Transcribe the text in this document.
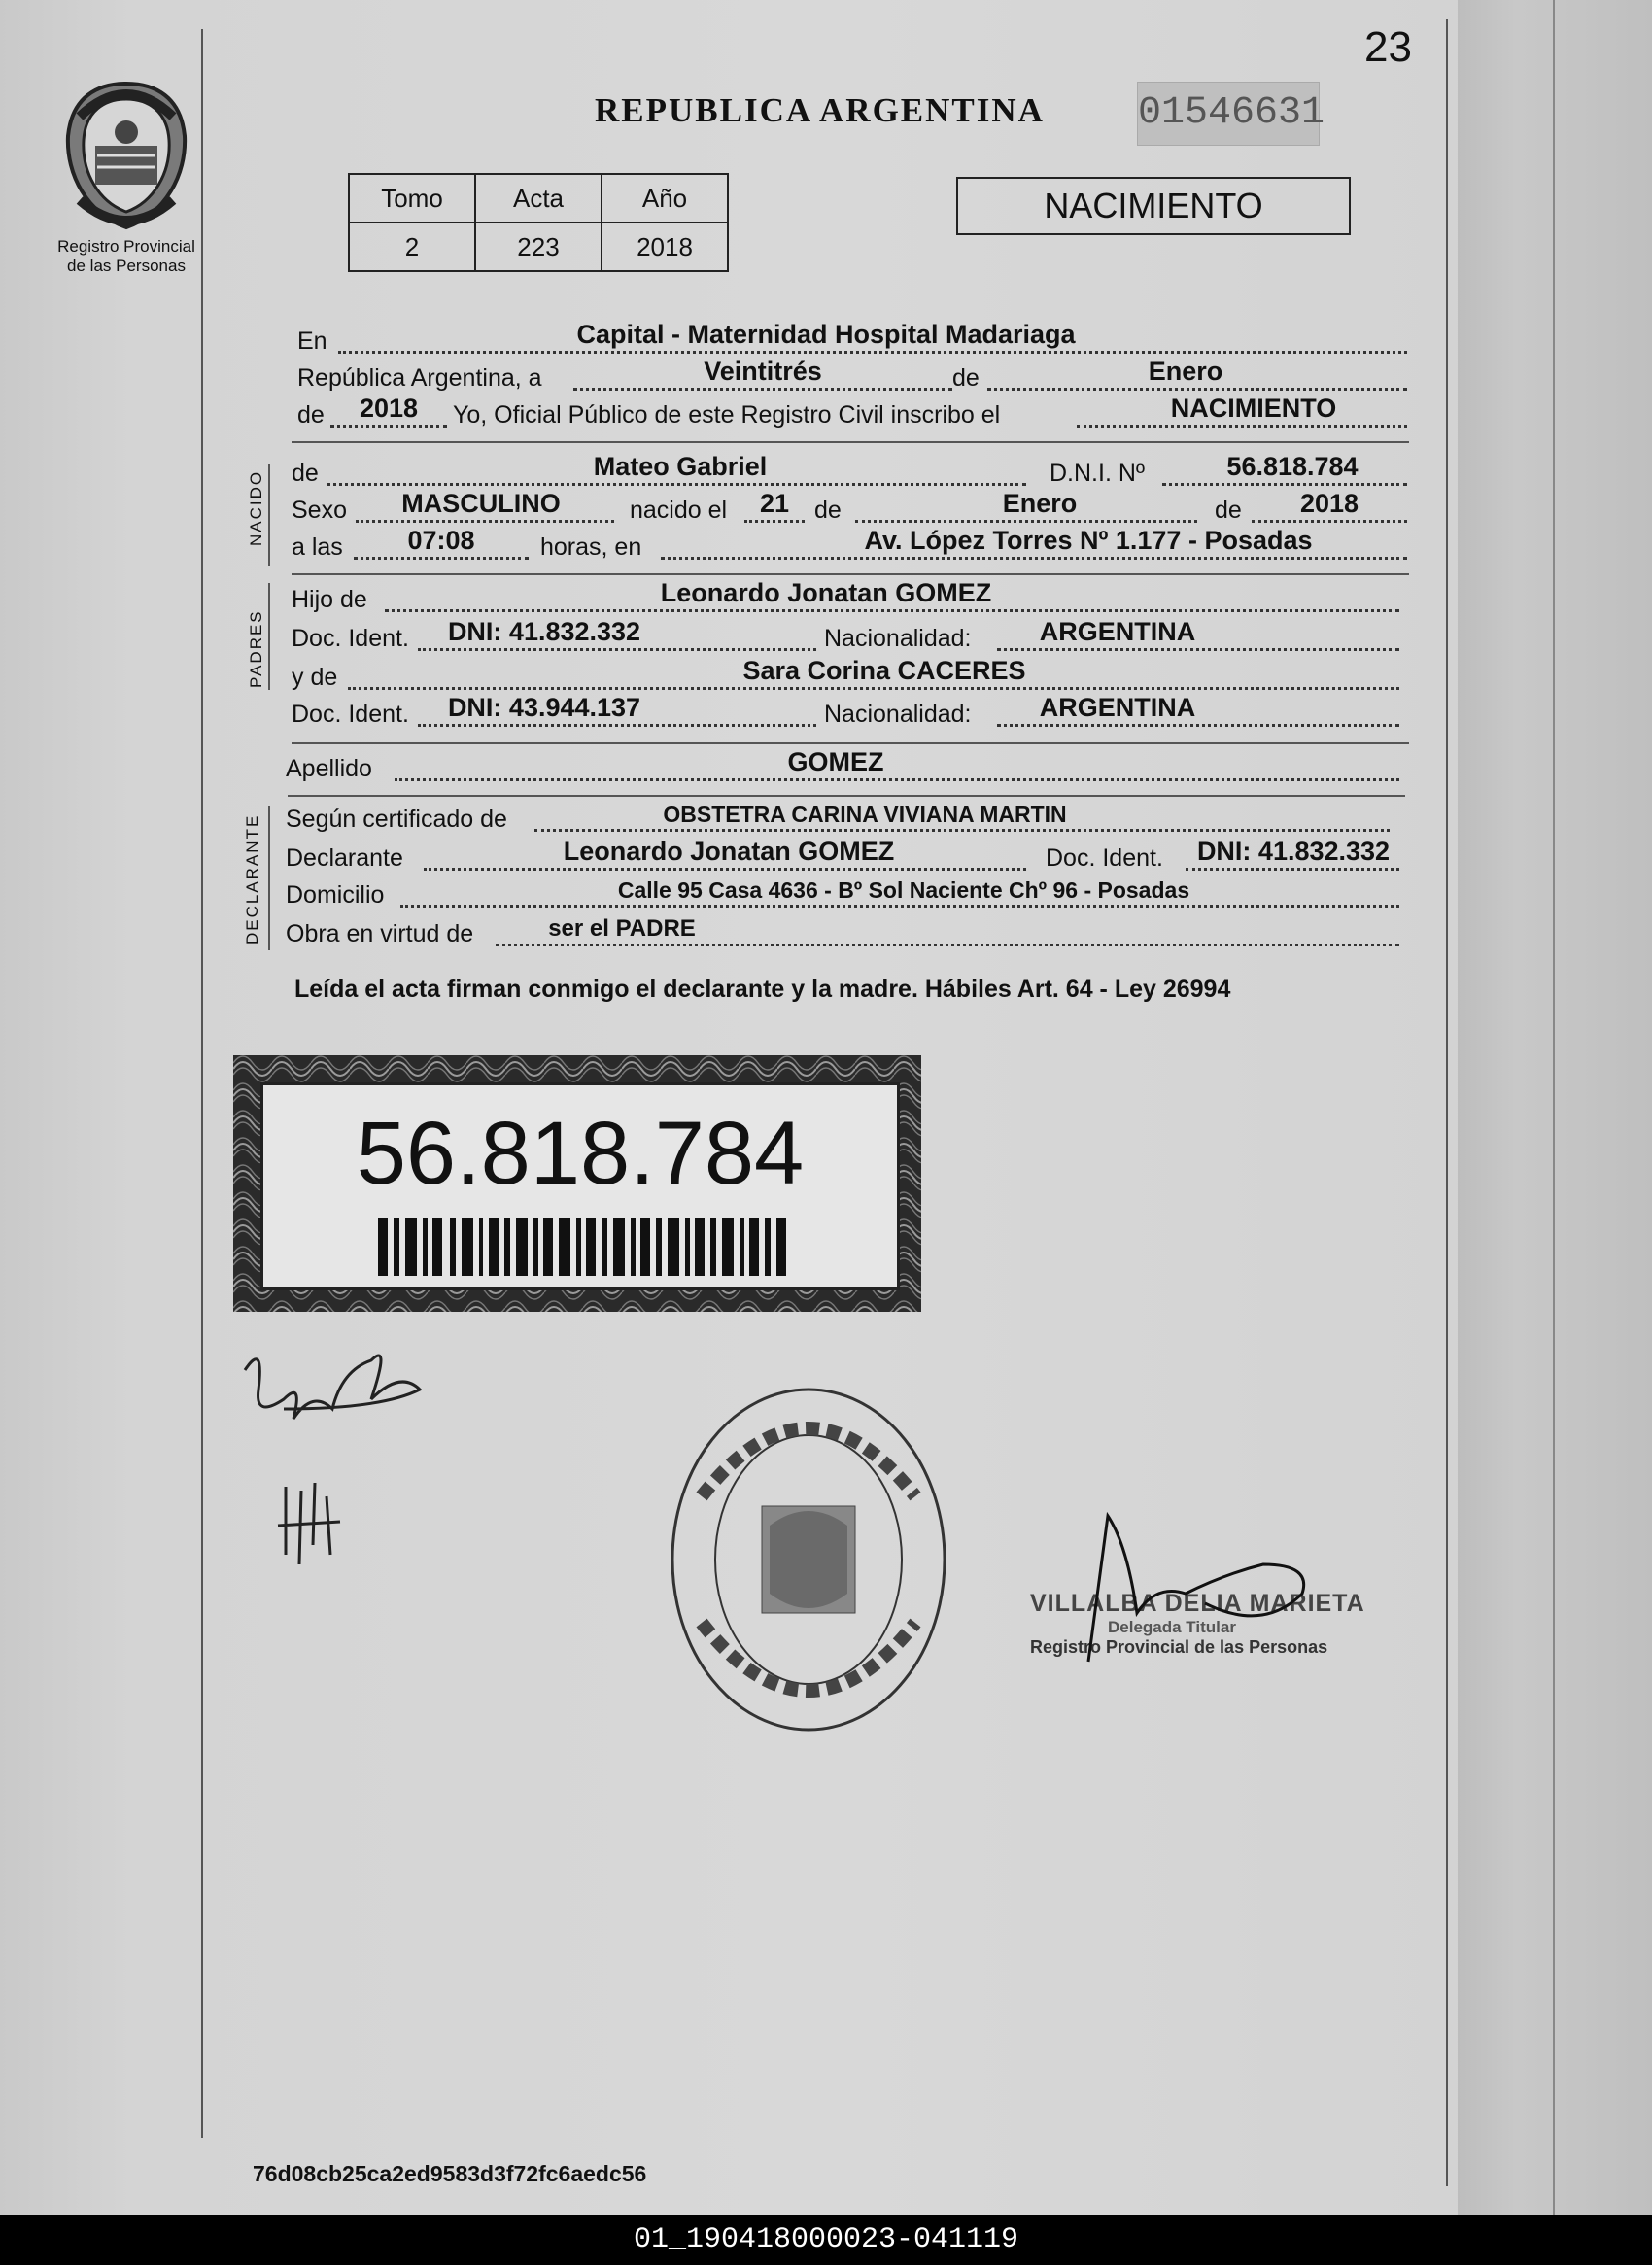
23
Registro Provincial
de las Personas
REPUBLICA ARGENTINA 01546631
Tomo	Acta	Año
2	223	2018
NACIMIENTO
En	Capital - Maternidad Hospital Madariaga
República Argentina, a	Veintitrés	de	Enero
de	2018	Yo, Oficial Público de este Registro Civil inscribo el	NACIMIENTO
NACIDO de	Mateo Gabriel	D.N.I. Nº	56.818.784
Sexo	MASCULINO	nacido el	21	de	Enero	de	2018
a las	07:08	horas, en	Av. López Torres Nº 1.177 - Posadas
PADRES
Hijo de	Leonardo Jonatan GOMEZ
Doc. Ident.	DNI: 41.832.332	Nacionalidad:	ARGENTINA
y de	Sara Corina CACERES
Doc. Ident.	DNI: 43.944.137	Nacionalidad:	ARGENTINA
Apellido	GOMEZ
DECLARANTE Según certificado de	OBSTETRA CARINA VIVIANA MARTIN
Declarante	Leonardo Jonatan GOMEZ	Doc. Ident.	DNI: 41.832.332
Domicilio	Calle 95 Casa 4636 - Bº Sol Naciente Chº 96 - Posadas
Obra en virtud de	ser el PADRE
Leída el acta firman conmigo el declarante y la madre. Hábiles Art. 64 - Ley 26994
56.818.784
VILLALBA DELIA MARIETA
Delegada Titular
Registro Provincial de las Personas
76d08cb25ca2ed9583d3f72fc6aedc56
01_190418000023-041119
